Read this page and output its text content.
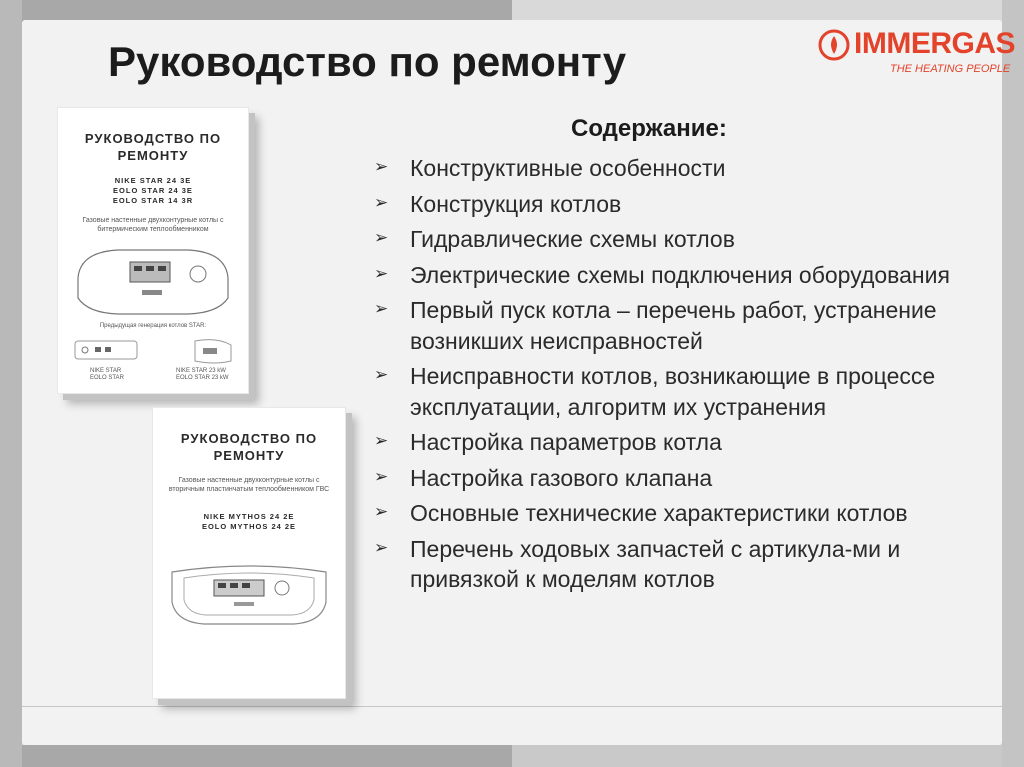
Руководство по ремонту	IMMERGAS
THE HEATING PEOPLE
РУКОВОДСТВО ПО РЕМОНТУ
NIKE STAR 24 3E
EOLO STAR 24 3E
EOLO STAR 14 3R
Газовые настенные двухконтурные котлы с битермическим теплообменником
Предыдущая генерация котлов STAR:
NIKE STAR
EOLO STAR
NIKE STAR 23 kW
EOLO STAR 23 kW
РУКОВОДСТВО ПО РЕМОНТУ
Газовые настенные двухконтурные котлы с вторичным пластинчатым теплообменником ГВС
NIKE MYTHOS 24 2E
EOLO MYTHOS 24 2E
Содержание:
➢ Конструктивные особенности
➢ Конструкция котлов
➢ Гидравлические схемы котлов
➢ Электрические схемы подключения оборудования
➢ Первый пуск котла – перечень работ, устранение возникших неисправностей
➢ Неисправности котлов, возникающие в процессе эксплуатации, алгоритм их устранения
➢ Настройка параметров котла
➢ Настройка газового клапана
➢ Основные технические характеристики котлов
➢ Перечень ходовых запчастей с артикула-ми и привязкой к моделям котлов
